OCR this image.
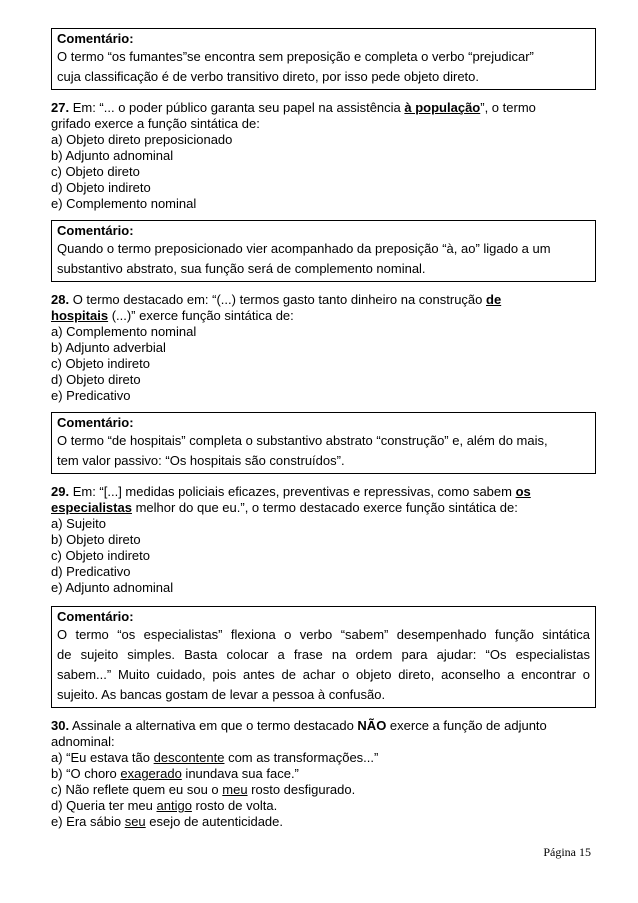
Comentário:

O termo “os fumantes”se encontra sem preposição e completa o verbo “prejudicar”

cuja classificação é de verbo transitivo direto, por isso pede objeto direto.

27. Em: “... o poder público garanta seu papel na assistência à população”, o termo

grifado exerce a função sintática de:

a) Objeto direto preposicionado

b) Adjunto adnominal

c) Objeto direto

d) Objeto indireto

e) Complemento nominal

Comentário:

Quando o termo preposicionado vier acompanhado da preposição “à, ao” ligado a um

substantivo abstrato, sua função será de complemento nominal.

28. O termo destacado em: “(...) termos gasto tanto dinheiro na construção de

hospitais (...)” exerce função sintática de:

a) Complemento nominal

b) Adjunto adverbial

c) Objeto indireto

d) Objeto direto

e) Predicativo

Comentário:

O termo “de hospitais” completa o substantivo abstrato “construção” e, além do mais,

tem valor passivo: “Os hospitais são construídos”.

29. Em: “[...] medidas policiais eficazes, preventivas e repressivas, como sabem os

especialistas melhor do que eu.”, o termo destacado exerce função sintática de:

a) Sujeito

b) Objeto direto

c) Objeto indireto

d) Predicativo

e) Adjunto adnominal

Comentário:

O termo “os especialistas” flexiona o verbo “sabem” desempenhado função sintática

de sujeito simples. Basta colocar a frase na ordem para ajudar: “Os especialistas

sabem...” Muito cuidado, pois antes de achar o objeto direto, aconselho a encontrar o

sujeito. As bancas gostam de levar a pessoa à confusão.

30. Assinale a alternativa em que o termo destacado NÃO exerce a função de adjunto

adnominal:

a) “Eu estava tão descontente com as transformações...”

b) “O choro exagerado inundava sua face.”

c) Não reflete quem eu sou o meu rosto desfigurado.

d) Queria ter meu antigo rosto de volta.

e) Era sábio seu esejo de autenticidade.

Página 15
